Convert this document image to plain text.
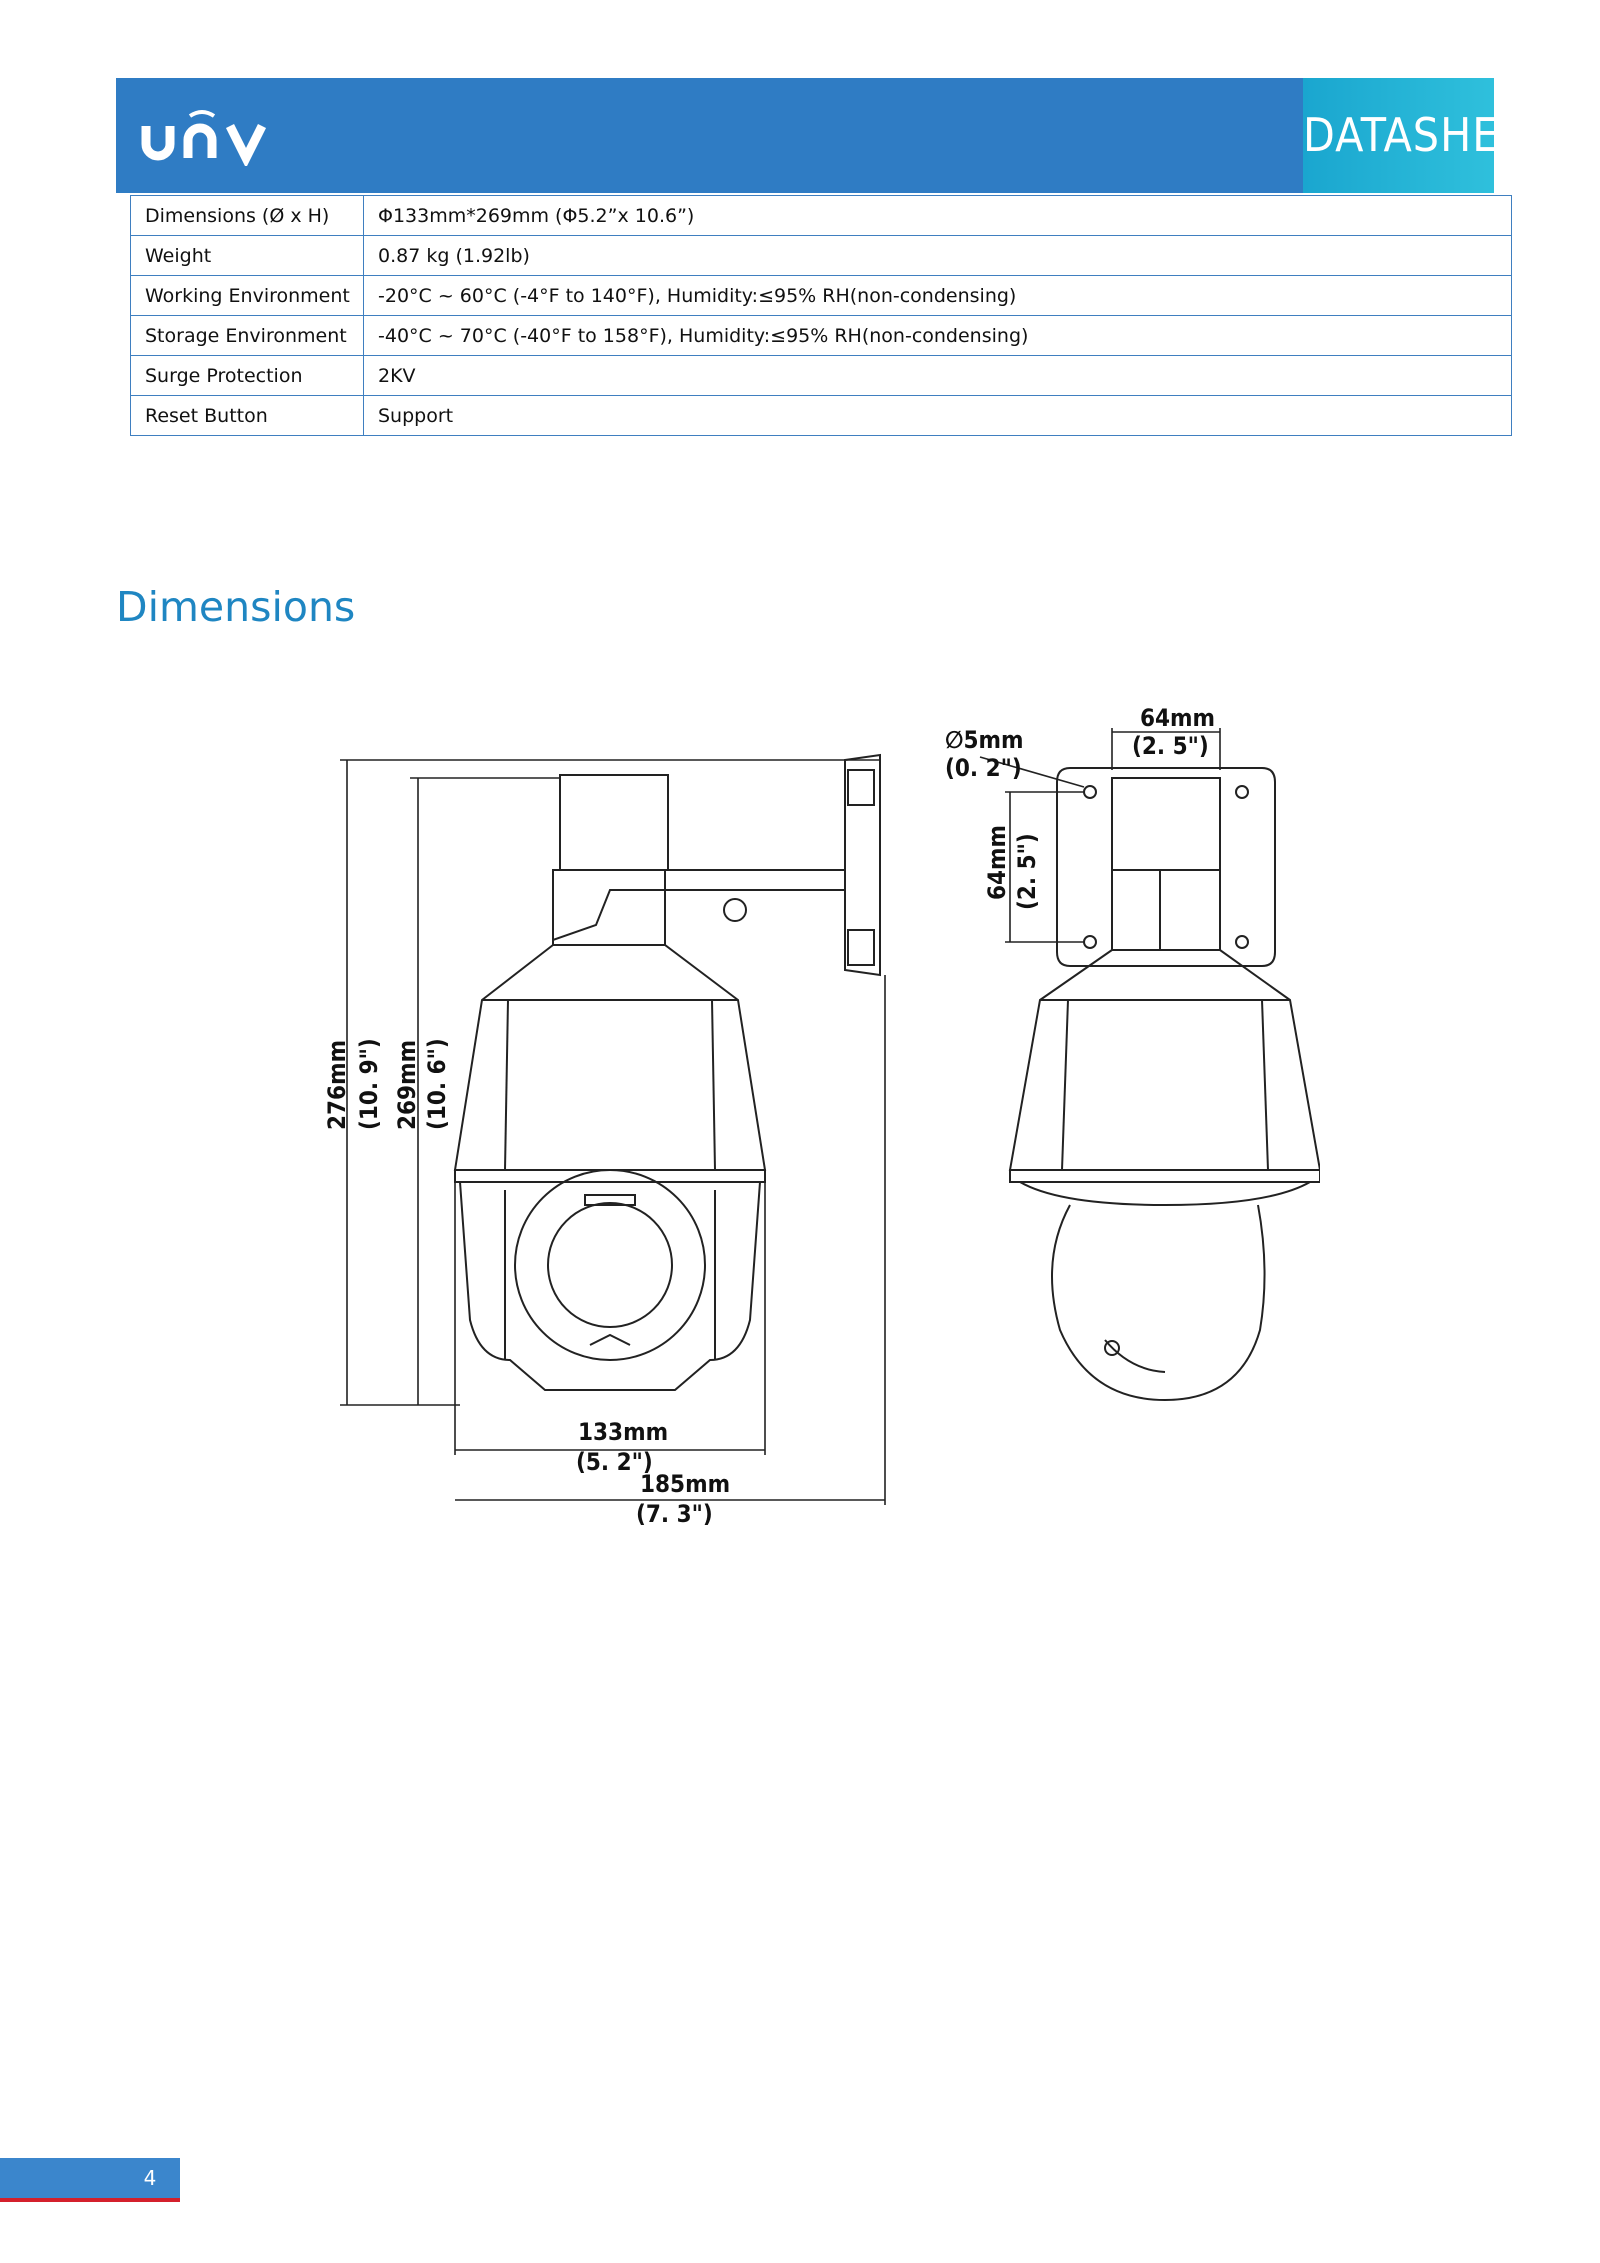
DATASHEET
Dimensions (Ø x H)	Φ133mm*269mm (Φ5.2”x 10.6”)
Weight	0.87 kg (1.92lb)
Working Environment	-20°C ~ 60°C (-4°F to 140°F), Humidity:≤95% RH(non-condensing)
Storage Environment	-40°C ~ 70°C (-40°F to 158°F), Humidity:≤95% RH(non-condensing)
Surge Protection	2KV
Reset Button	Support
Dimensions
276mm (10. 9") 269mm (10. 6")
133mm
(5. 2")
185mm
(7. 3")
∅5mm
(0. 2")
64mm
(2. 5")
64mm (2. 5")
4
